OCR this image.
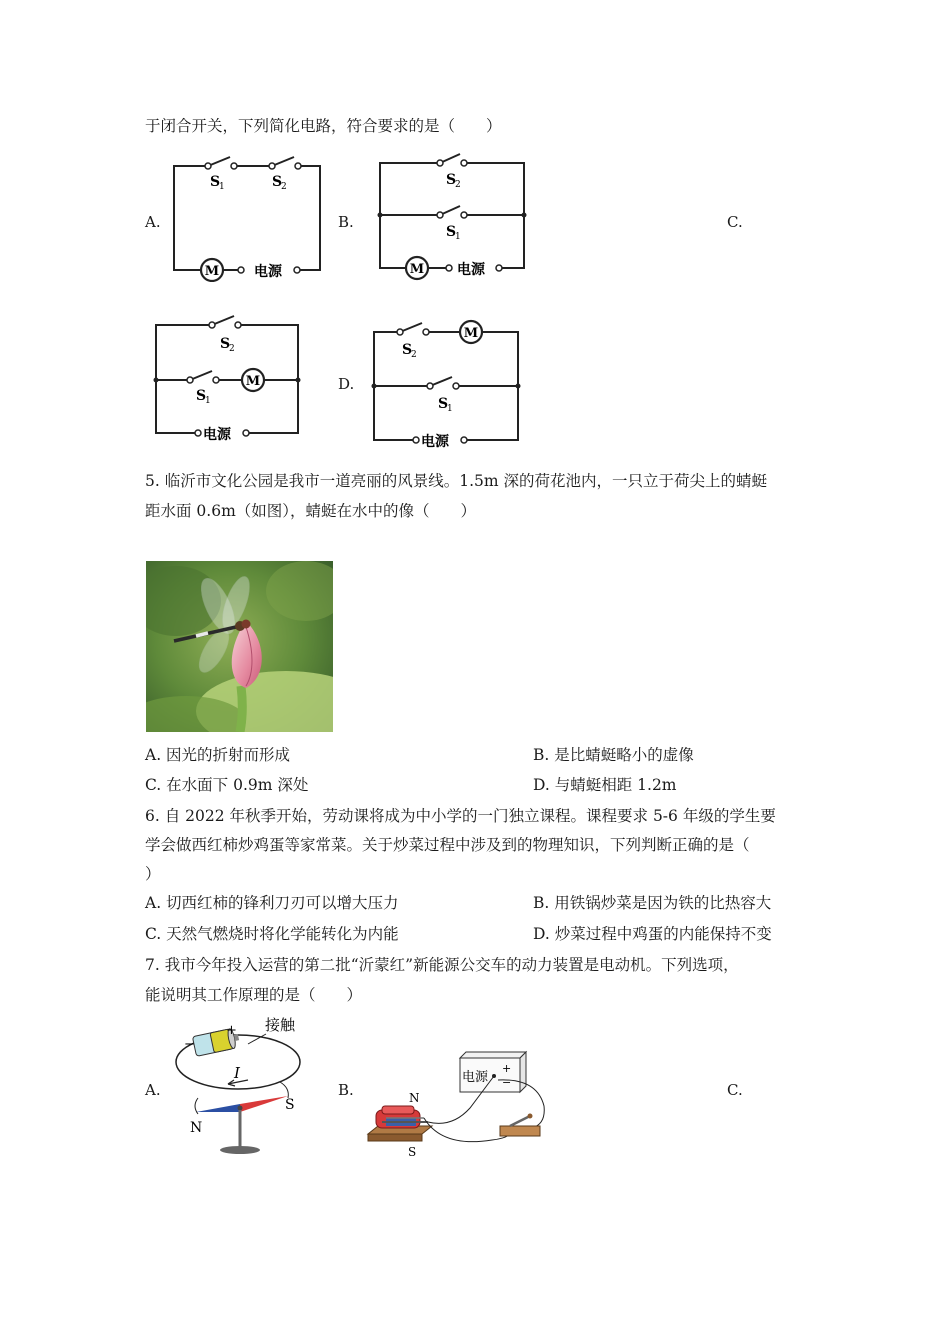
于闭合开关，下列简化电路，符合要求的是（　　）
A.	B.	C.
D.
M 电源
S
1	S
2
M 电源
S
2
S
1
M
电源
S
2
S
1
M
电源
S
2
S
1
5. 临沂市文化公园是我市一道亮丽的风景线。1.5m 深的荷花池内，一只立于荷尖上的蜻蜓
距水面 0.6m（如图），蜻蜓在水中的像（　　）
A. 因光的折射而形成	B. 是比蜻蜓略小的虚像
C. 在水面下 0.9m 深处	D. 与蜻蜓相距 1.2m
6. 自 2022 年秋季开始，劳动课将成为中小学的一门独立课程。课程要求 5-6 年级的学生要
学会做西红柿炒鸡蛋等家常菜。关于炒菜过程中涉及到的物理知识，下列判断正确的是（
）
A. 切西红柿的锋利刀刃可以增大压力	B. 用铁锅炒菜是因为铁的比热容大
C. 天然气燃烧时将化学能转化为内能	D. 炒菜过程中鸡蛋的内能保持不变
7. 我市今年投入运营的第二批“沂蒙红”新能源公交车的动力装置是电动机。下列选项，
能说明其工作原理的是（　　）
A.	B.	C.
+
−
接触
I
N
S
电源
+
−
N
S
